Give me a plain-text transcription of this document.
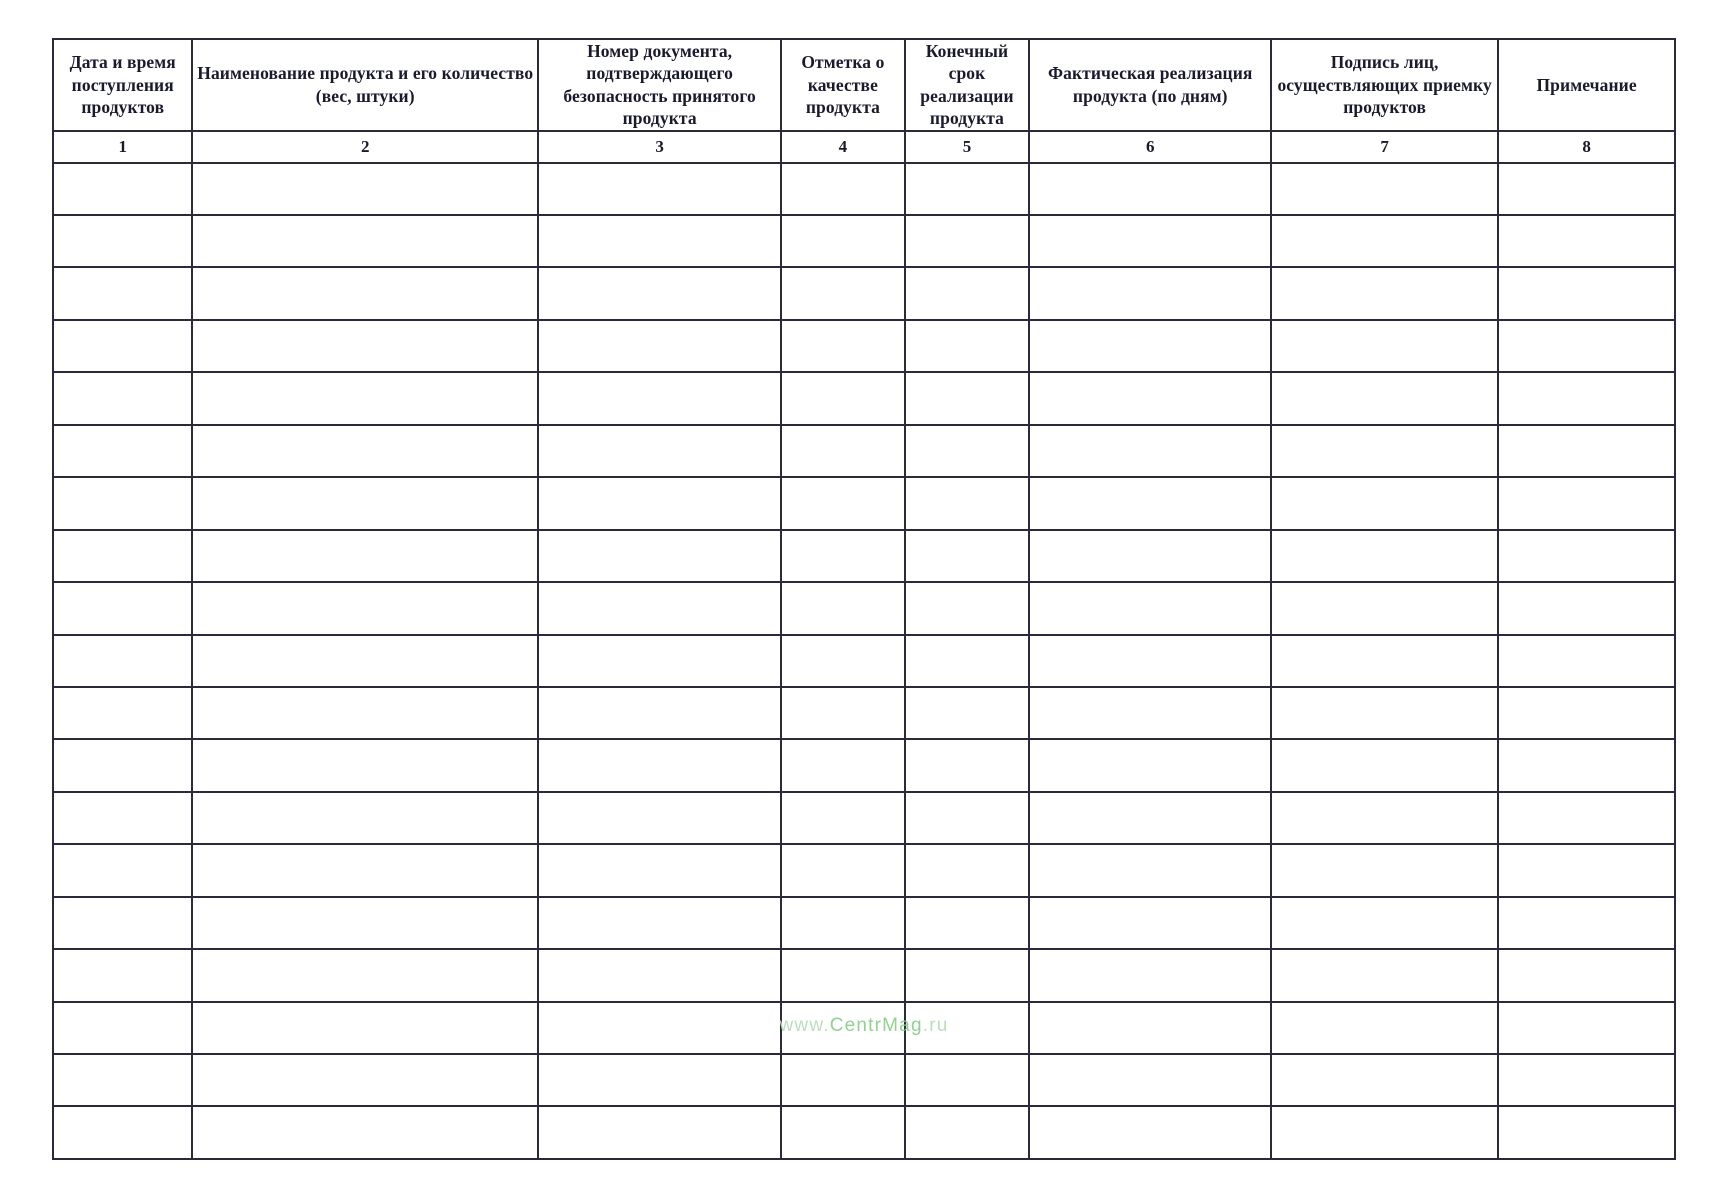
Дата и время поступления продуктов	Наименование продукта и его количество (вес, штуки)	Номер документа, подтверждающего безопасность принятого продукта	Отметка о качестве продукта	Конечный срок реализации продукта	Фактическая реализация продукта (по дням)	Подпись лиц, осуществляющих приемку продуктов	Примечание
1	2	3	4	5	6	7	8

www.CentrMag.ru
